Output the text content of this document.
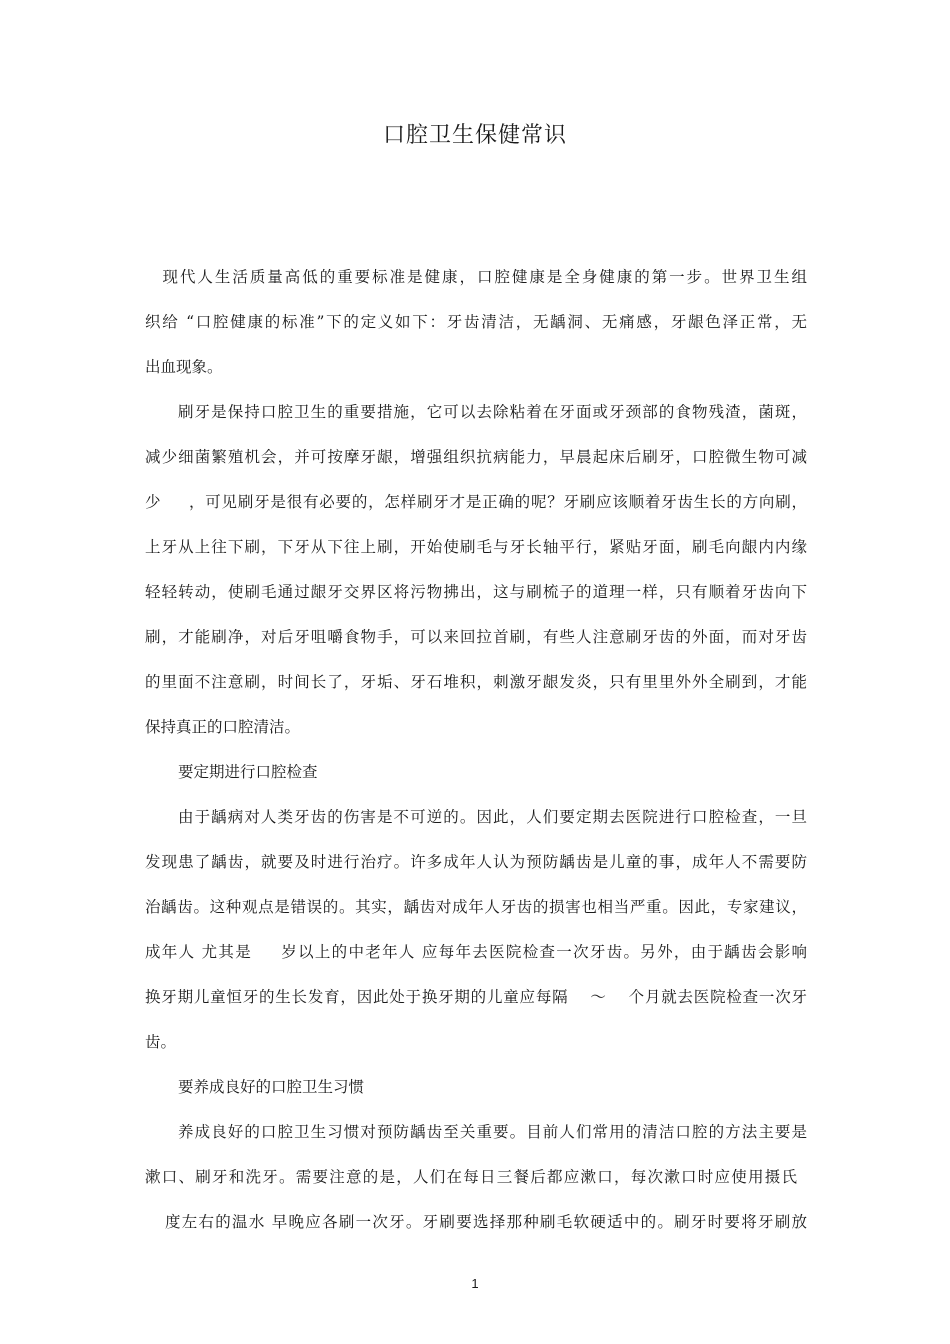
口腔卫生保健常识
　现代人生活质量高低的重要标准是健康，口腔健康是全身健康的第一步。世界卫生组
织给 “口腔健康的标准”下的定义如下：牙齿清洁，无龋洞、无痛感，牙龈色泽正常，无
出血现象。
刷牙是保持口腔卫生的重要措施，它可以去除粘着在牙面或牙颈部的食物残渣，菌斑，
减少细菌繁殖机会，并可按摩牙龈，增强组织抗病能力，早晨起床后刷牙，口腔微生物可减
少 　 ，可见刷牙是很有必要的，怎样刷牙才是正确的呢？牙刷应该顺着牙齿生长的方向刷，
上牙从上往下刷，下牙从下往上刷，开始使刷毛与牙长轴平行，紧贴牙面，刷毛向龈内内缘
轻轻转动，使刷毛通过龈牙交界区将污物拂出，这与刷梳子的道理一样，只有顺着牙齿向下
刷，才能刷净，对后牙咀嚼食物手，可以来回拉首刷，有些人注意刷牙齿的外面，而对牙齿
的里面不注意刷，时间长了，牙垢、牙石堆积，刺激牙龈发炎，只有里里外外全刷到，才能
保持真正的口腔清洁。
要定期进行口腔检查
由于龋病对人类牙齿的伤害是不可逆的。因此，人们要定期去医院进行口腔检查，一旦
发现患了龋齿，就要及时进行治疗。许多成年人认为预防龋齿是儿童的事，成年人不需要防
治龋齿。这种观点是错误的。其实，龋齿对成年人牙齿的损害也相当严重。因此，专家建议，
成年人 尤其是 　 岁以上的中老年人 应每年去医院检查一次牙齿。另外，由于龋齿会影响
换牙期儿童恒牙的生长发育，因此处于换牙期的儿童应每隔 　～ 　个月就去医院检查一次牙
齿。
要养成良好的口腔卫生习惯
养成良好的口腔卫生习惯对预防龋齿至关重要。目前人们常用的清洁口腔的方法主要是
漱口、刷牙和洗牙。需要注意的是，人们在每日三餐后都应漱口，每次漱口时应使用摄氏
度左右的温水 早晚应各刷一次牙。牙刷要选择那种刷毛软硬适中的。刷牙时要将牙刷放
1
